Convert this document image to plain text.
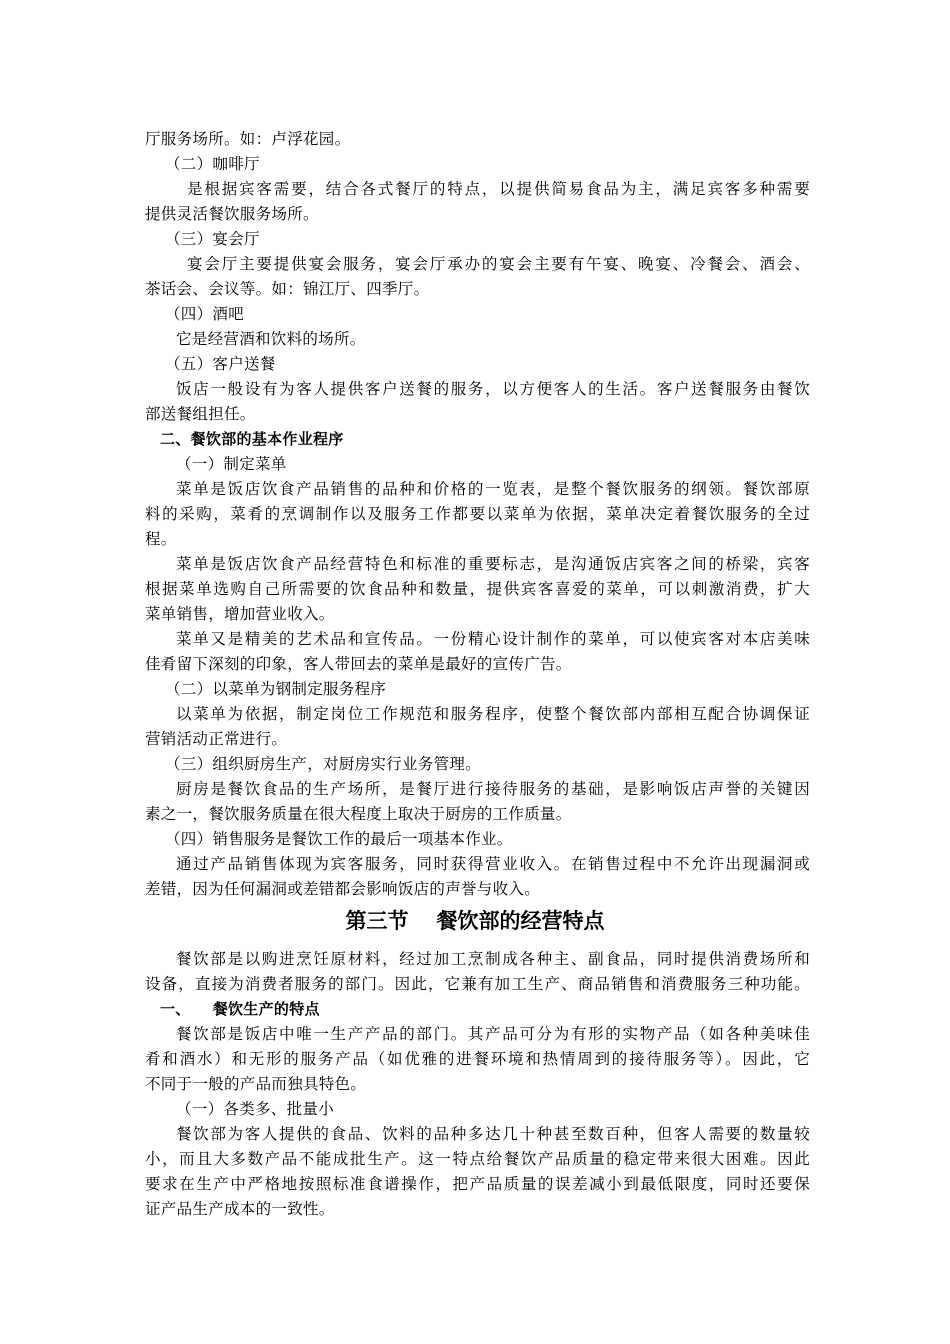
厅服务场所。如：卢浮花园。
（二）咖啡厅
是根据宾客需要，结合各式餐厅的特点，以提供简易食品为主，满足宾客多种需要
提供灵活餐饮服务场所。
（三）宴会厅
宴会厅主要提供宴会服务，宴会厅承办的宴会主要有午宴、晚宴、冷餐会、酒会、
茶话会、会议等。如：锦江厅、四季厅。
（四）酒吧
它是经营酒和饮料的场所。
（五）客户送餐
饭店一般设有为客人提供客户送餐的服务，以方便客人的生活。客户送餐服务由餐饮
部送餐组担任。
二、餐饮部的基本作业程序
（一）制定菜单
菜单是饭店饮食产品销售的品种和价格的一览表，是整个餐饮服务的纲领。餐饮部原
料的采购，菜肴的烹调制作以及服务工作都要以菜单为依据，菜单决定着餐饮服务的全过
程。
菜单是饭店饮食产品经营特色和标准的重要标志，是沟通饭店宾客之间的桥梁，宾客
根据菜单选购自己所需要的饮食品种和数量，提供宾客喜爱的菜单，可以刺激消费，扩大
菜单销售，增加营业收入。
菜单又是精美的艺术品和宣传品。一份精心设计制作的菜单，可以使宾客对本店美味
佳肴留下深刻的印象，客人带回去的菜单是最好的宣传广告。
（二）以菜单为钢制定服务程序
以菜单为依据，制定岗位工作规范和服务程序，使整个餐饮部内部相互配合协调保证
营销活动正常进行。
（三）组织厨房生产，对厨房实行业务管理。
厨房是餐饮食品的生产场所，是餐厅进行接待服务的基础，是影响饭店声誉的关键因
素之一，餐饮服务质量在很大程度上取决于厨房的工作质量。
（四）销售服务是餐饮工作的最后一项基本作业。
通过产品销售体现为宾客服务，同时获得营业收入。在销售过程中不允许出现漏洞或
差错，因为任何漏洞或差错都会影响饭店的声誉与收入。
第三节 餐饮部的经营特点
餐饮部是以购进烹饪原材料，经过加工烹制成各种主、副食品，同时提供消费场所和
设备，直接为消费者服务的部门。因此，它兼有加工生产、商品销售和消费服务三种功能。
一、    餐饮生产的特点
餐饮部是饭店中唯一生产产品的部门。其产品可分为有形的实物产品（如各种美味佳
肴和酒水）和无形的服务产品（如优雅的进餐环境和热情周到的接待服务等）。因此，它
不同于一般的产品而独具特色。
（一）各类多、批量小
餐饮部为客人提供的食品、饮料的品种多达几十种甚至数百种，但客人需要的数量较
小，而且大多数产品不能成批生产。这一特点给餐饮产品质量的稳定带来很大困难。因此
要求在生产中严格地按照标准食谱操作，把产品质量的误差减小到最低限度，同时还要保
证产品生产成本的一致性。
